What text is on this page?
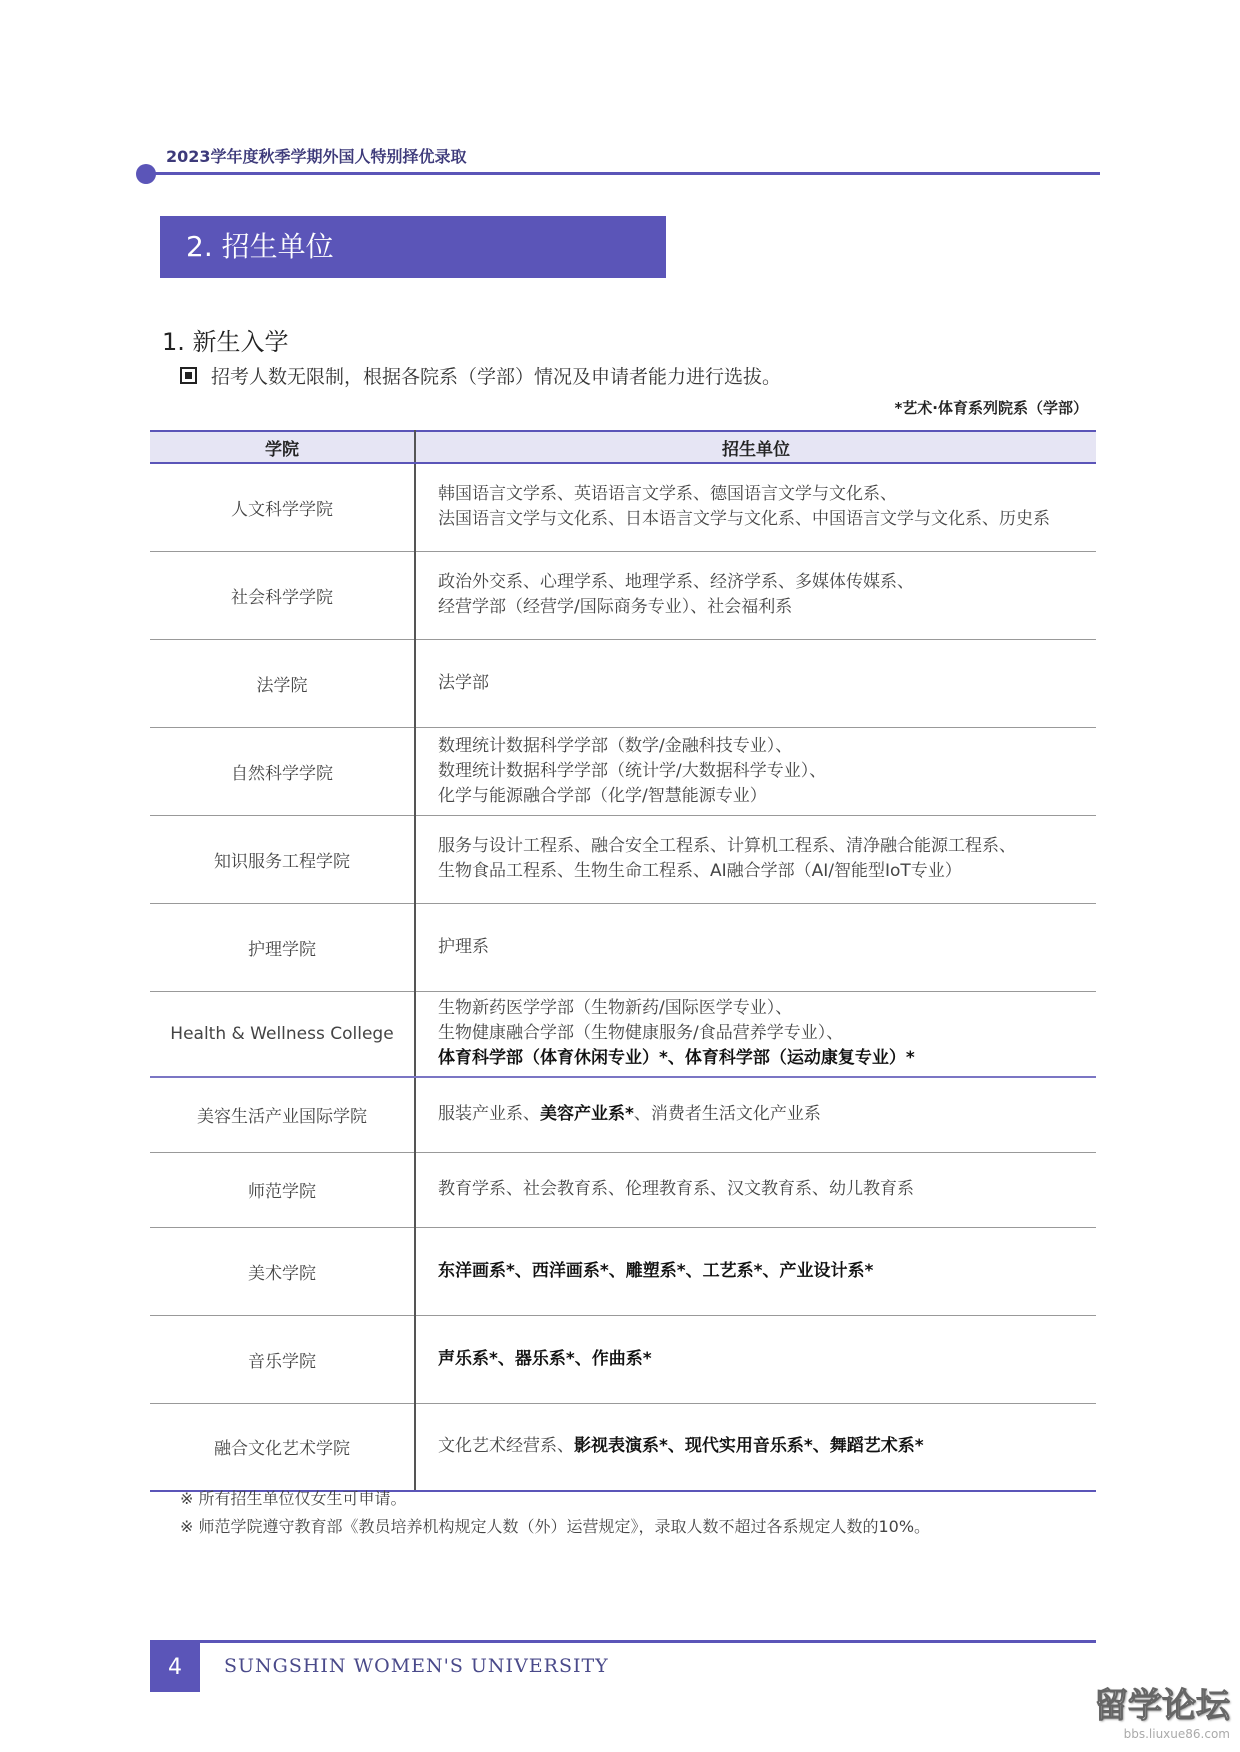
2023学年度秋季学期外国人特别择优录取
2. 招生单位
1. 新生入学
招考人数无限制，根据各院系（学部）情况及申请者能力进行选拔。
*艺术·体育系列院系（学部）
学院	招生单位
人文科学学院	韩国语言文学系、英语语言文学系、德国语言文学与文化系、
法国语言文学与文化系、日本语言文学与文化系、中国语言文学与文化系、历史系

社会科学学院	政治外交系、心理学系、地理学系、经济学系、多媒体传媒系、
经营学部（经营学/国际商务专业）、社会福利系

法学院	法学部

自然科学学院	数理统计数据科学学部（数学/金融科技专业）、
数理统计数据科学学部（统计学/大数据科学专业）、
化学与能源融合学部（化学/智慧能源专业）

知识服务工程学院	服务与设计工程系、融合安全工程系、计算机工程系、清净融合能源工程系、
生物食品工程系、生物生命工程系、AI融合学部（AI/智能型IoT专业）

护理学院	护理系

Health & Wellness College	生物新药医学学部（生物新药/国际医学专业）、
生物健康融合学部（生物健康服务/食品营养学专业）、
体育科学部（体育休闲专业）*、体育科学部（运动康复专业）*

美容生活产业国际学院	服装产业系、美容产业系*、消费者生活文化产业系

师范学院	教育学系、社会教育系、伦理教育系、汉文教育系、幼儿教育系

美术学院	东洋画系*、西洋画系*、雕塑系*、工艺系*、产业设计系*

音乐学院	声乐系*、器乐系*、作曲系*

融合文化艺术学院	文化艺术经营系、影视表演系*、现代实用音乐系*、舞蹈艺术系*
※ 所有招生单位仅女生可申请。
※ 师范学院遵守教育部《教员培养机构规定人数（外）运营规定》，录取人数不超过各系规定人数的10%。
4	SUNGSHIN WOMEN'S UNIVERSITY
留学论坛
bbs.liuxue86.com
